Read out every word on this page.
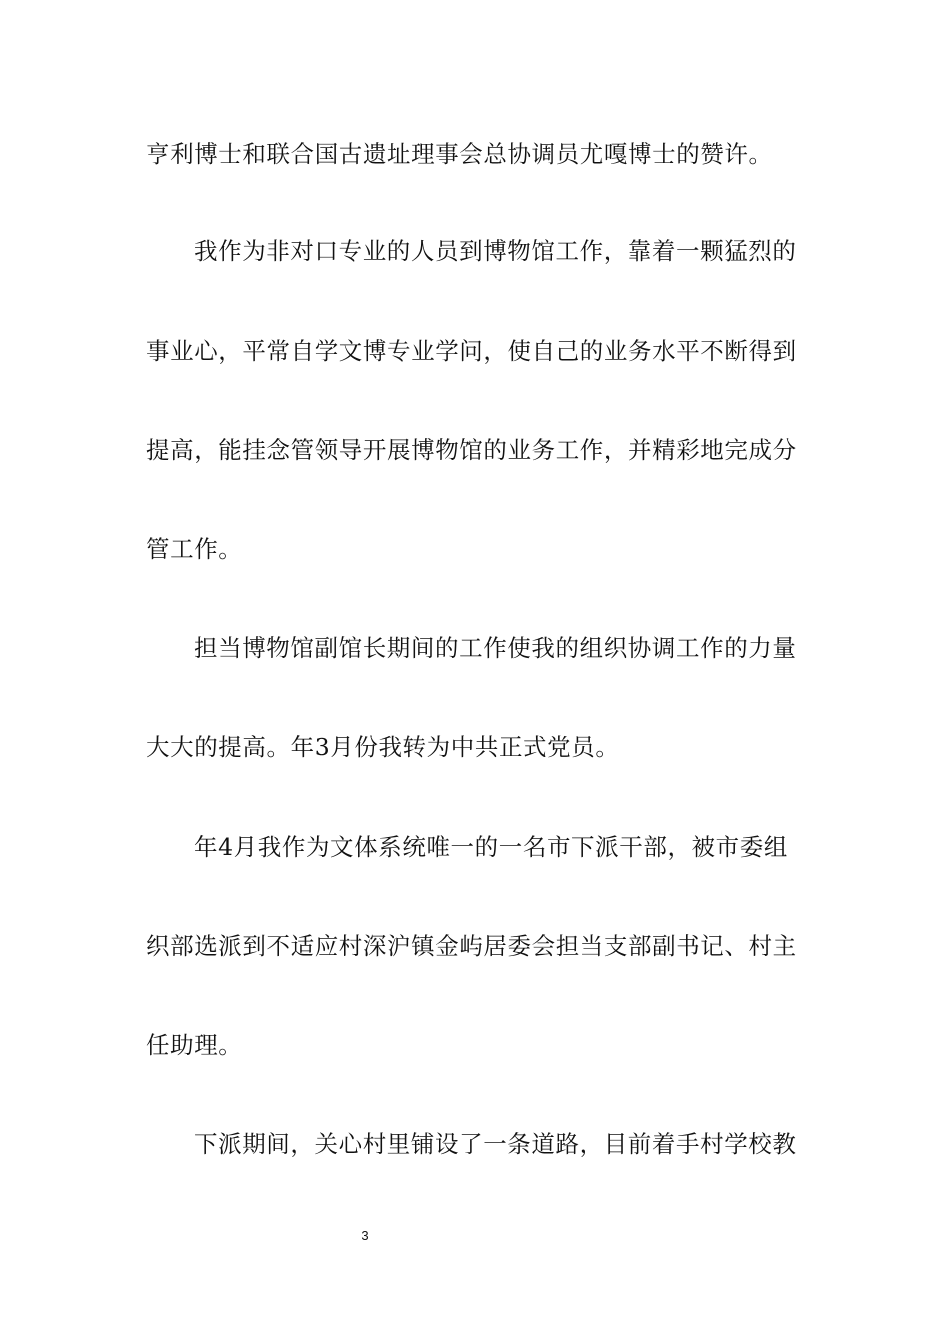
亨利博士和联合国古遗址理事会总协调员尤嘎博士的赞许。
我作为非对口专业的人员到博物馆工作，靠着一颗猛烈的
事业心，平常自学文博专业学问，使自己的业务水平不断得到
提高，能挂念管领导开展博物馆的业务工作，并精彩地完成分
管工作。
担当博物馆副馆长期间的工作使我的组织协调工作的力量
大大的提高。年3月份我转为中共正式党员。
年4月我作为文体系统唯一的一名市下派干部，被市委组
织部选派到不适应村深沪镇金屿居委会担当支部副书记、村主
任助理。
下派期间，关心村里铺设了一条道路，目前着手村学校教
3
